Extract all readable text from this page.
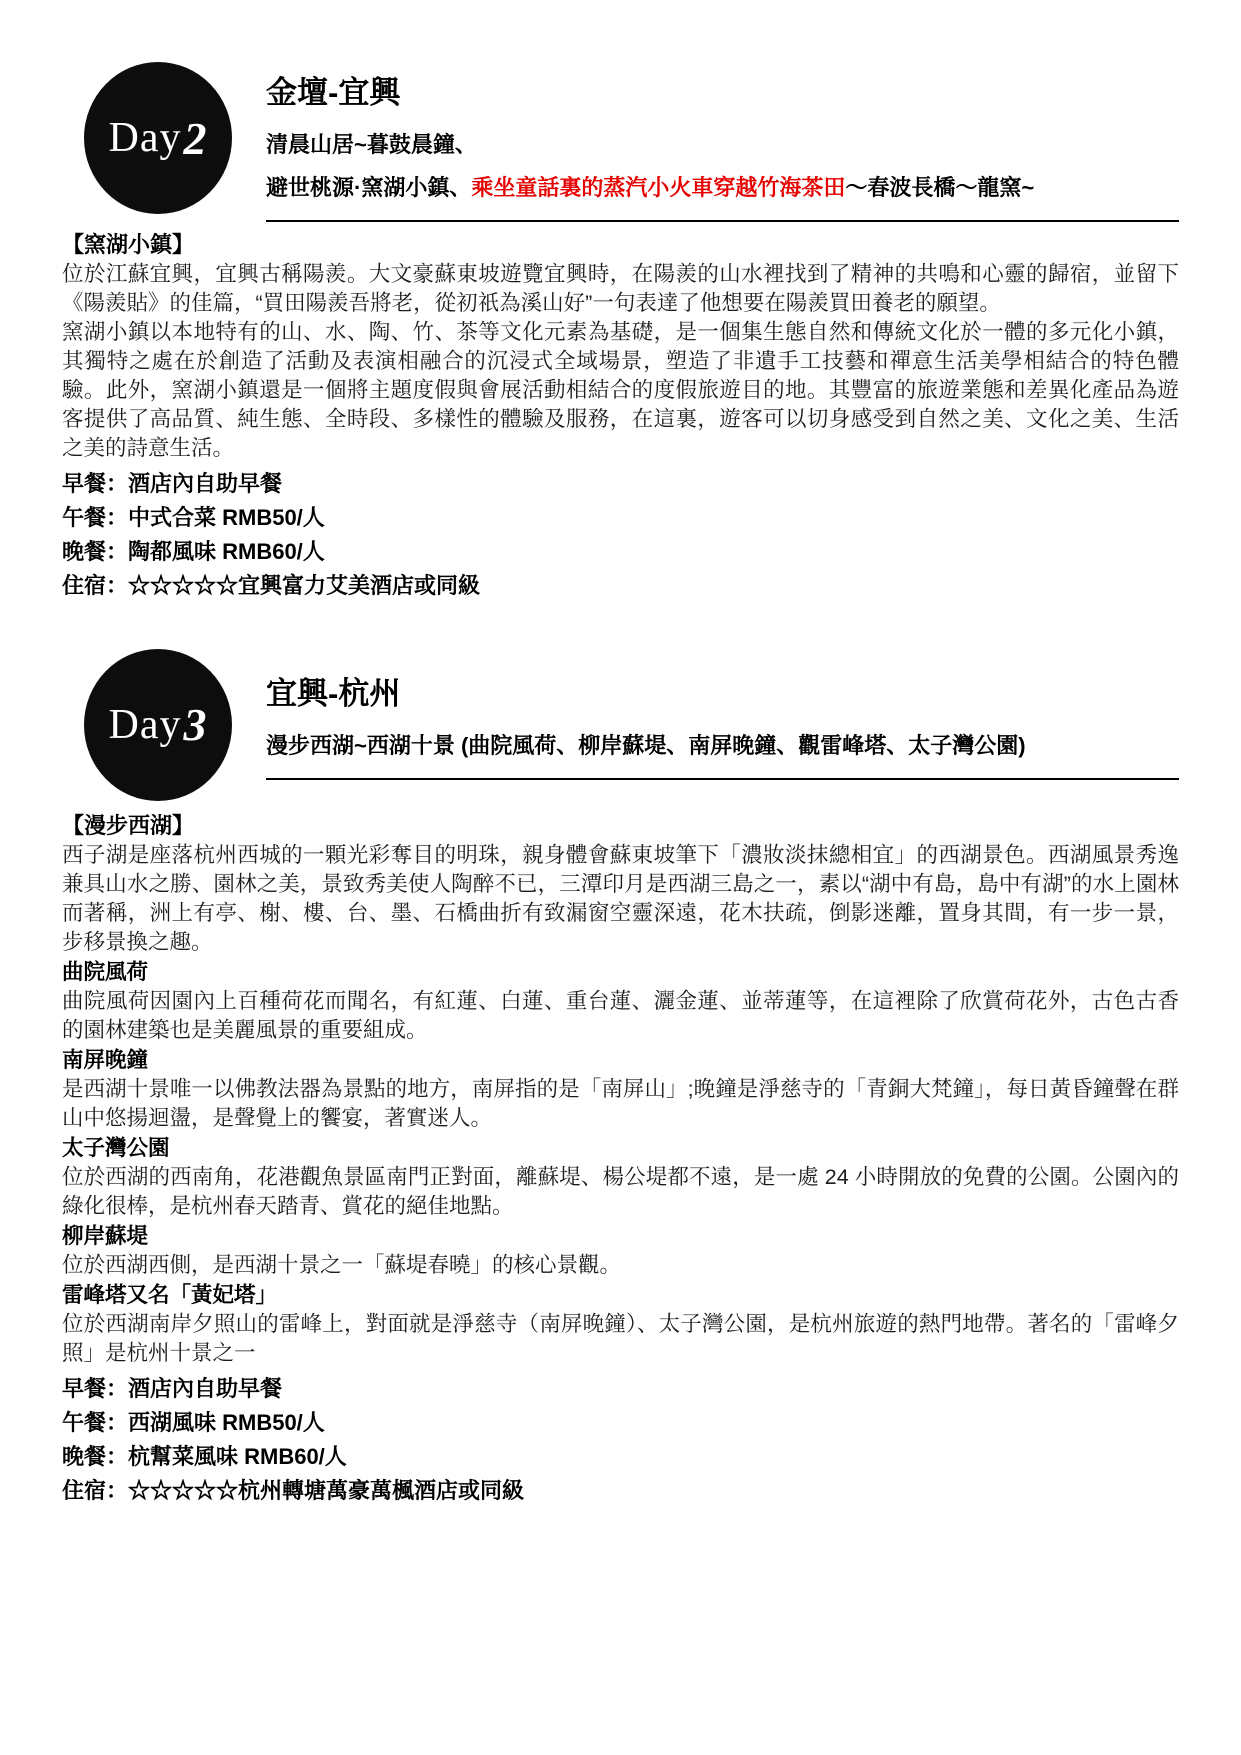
Day 2

金壇-宜興

清晨山居~暮鼓晨鐘、

避世桃源·窯湖小鎮、乘坐童話裏的蒸汽小火車穿越竹海茶田～春波長橋～龍窯~

【窯湖小鎮】

位於江蘇宜興，宜興古稱陽羨。大文豪蘇東坡遊覽宜興時，在陽羨的山水裡找到了精神的共鳴和心靈的歸宿，並留下《陽羨貼》的佳篇，“買田陽羨吾將老，從初祇為溪山好”一句表達了他想要在陽羨買田養老的願望。

窯湖小鎮以本地特有的山、水、陶、竹、茶等文化元素為基礎，是一個集生態自然和傳統文化於一體的多元化小鎮，其獨特之處在於創造了活動及表演相融合的沉浸式全域場景，塑造了非遺手工技藝和禪意生活美學相結合的特色體驗。此外，窯湖小鎮還是一個將主題度假與會展活動相結合的度假旅遊目的地。其豐富的旅遊業態和差異化產品為遊客提供了高品質、純生態、全時段、多樣性的體驗及服務，在這裏，遊客可以切身感受到自然之美、文化之美、生活之美的詩意生活。

早餐：酒店內自助早餐

午餐：中式合菜 RMB50/人

晚餐：陶都風味 RMB60/人

住宿：☆☆☆☆☆宜興富力艾美酒店或同級

Day 3

宜興-杭州

漫步西湖~西湖十景 (曲院風荷、柳岸蘇堤、南屏晚鐘、觀雷峰塔、太子灣公園)

【漫步西湖】

西子湖是座落杭州西城的一顆光彩奪目的明珠，親身體會蘇東坡筆下「濃妝淡抹總相宜」的西湖景色。西湖風景秀逸兼具山水之勝、園林之美，景致秀美使人陶醉不已，三潭印月是西湖三島之一，素以“湖中有島，島中有湖”的水上園林而著稱，洲上有亭、榭、樓、台、墨、石橋曲折有致漏窗空靈深遠，花木扶疏，倒影迷離，置身其間，有一步一景，步移景換之趣。

曲院風荷

曲院風荷因園內上百種荷花而聞名，有紅蓮、白蓮、重台蓮、灑金蓮、並蒂蓮等，在這裡除了欣賞荷花外，古色古香的園林建築也是美麗風景的重要組成。

南屏晚鐘

是西湖十景唯一以佛教法器為景點的地方，南屏指的是「南屏山」;晚鐘是淨慈寺的「青銅大梵鐘」，每日黃昏鐘聲在群山中悠揚迴盪，是聲覺上的饗宴，著實迷人。

太子灣公園

位於西湖的西南角，花港觀魚景區南門正對面，離蘇堤、楊公堤都不遠，是一處 24 小時開放的免費的公園。公園內的綠化很棒，是杭州春天踏青、賞花的絕佳地點。

柳岸蘇堤

位於西湖西側，是西湖十景之一「蘇堤春曉」的核心景觀。

雷峰塔又名「黃妃塔」

位於西湖南岸夕照山的雷峰上，對面就是淨慈寺（南屏晚鐘）、太子灣公園，是杭州旅遊的熱門地帶。著名的「雷峰夕照」是杭州十景之一

早餐：酒店內自助早餐

午餐：西湖風味 RMB50/人

晚餐：杭幫菜風味 RMB60/人

住宿：☆☆☆☆☆杭州轉塘萬豪萬楓酒店或同級
